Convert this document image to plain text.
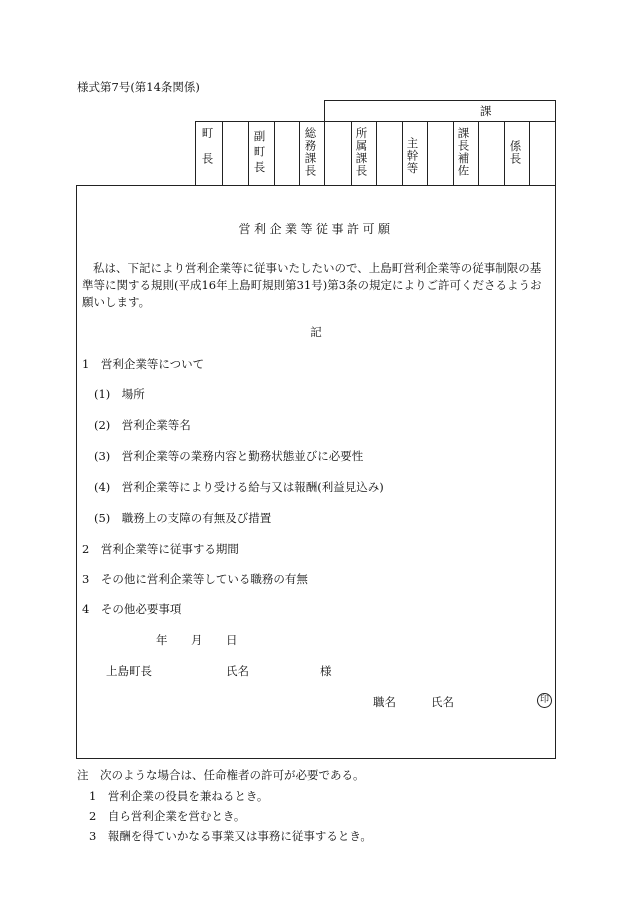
様式第7号(第14条関係)
課
町長	副町長	総務課長	所属課長	主幹等	課長補佐	係長
営利企業等従事許可願
私は、下記により営利企業等に従事いたしたいので、上島町営利企業等の従事制限の基準等に関する規則(平成16年上島町規則第31号)第3条の規定によりご許可くださるようお願いします。
記
1　営利企業等について
(1)　場所
(2)　営利企業等名
(3)　営利企業等の業務内容と勤務状態並びに必要性
(4)　営利企業等により受ける給与又は報酬(利益見込み)
(5)　職務上の支障の有無及び措置
2　営利企業等に従事する期間
3　その他に営利企業等している職務の有無
4　その他必要事項
年 月 日
上島町長	氏名	様
職名	氏名	印
注　次のような場合は、任命権者の許可が必要である。
1　営利企業の役員を兼ねるとき。
2　自ら営利企業を営むとき。
3　報酬を得ていかなる事業又は事務に従事するとき。
